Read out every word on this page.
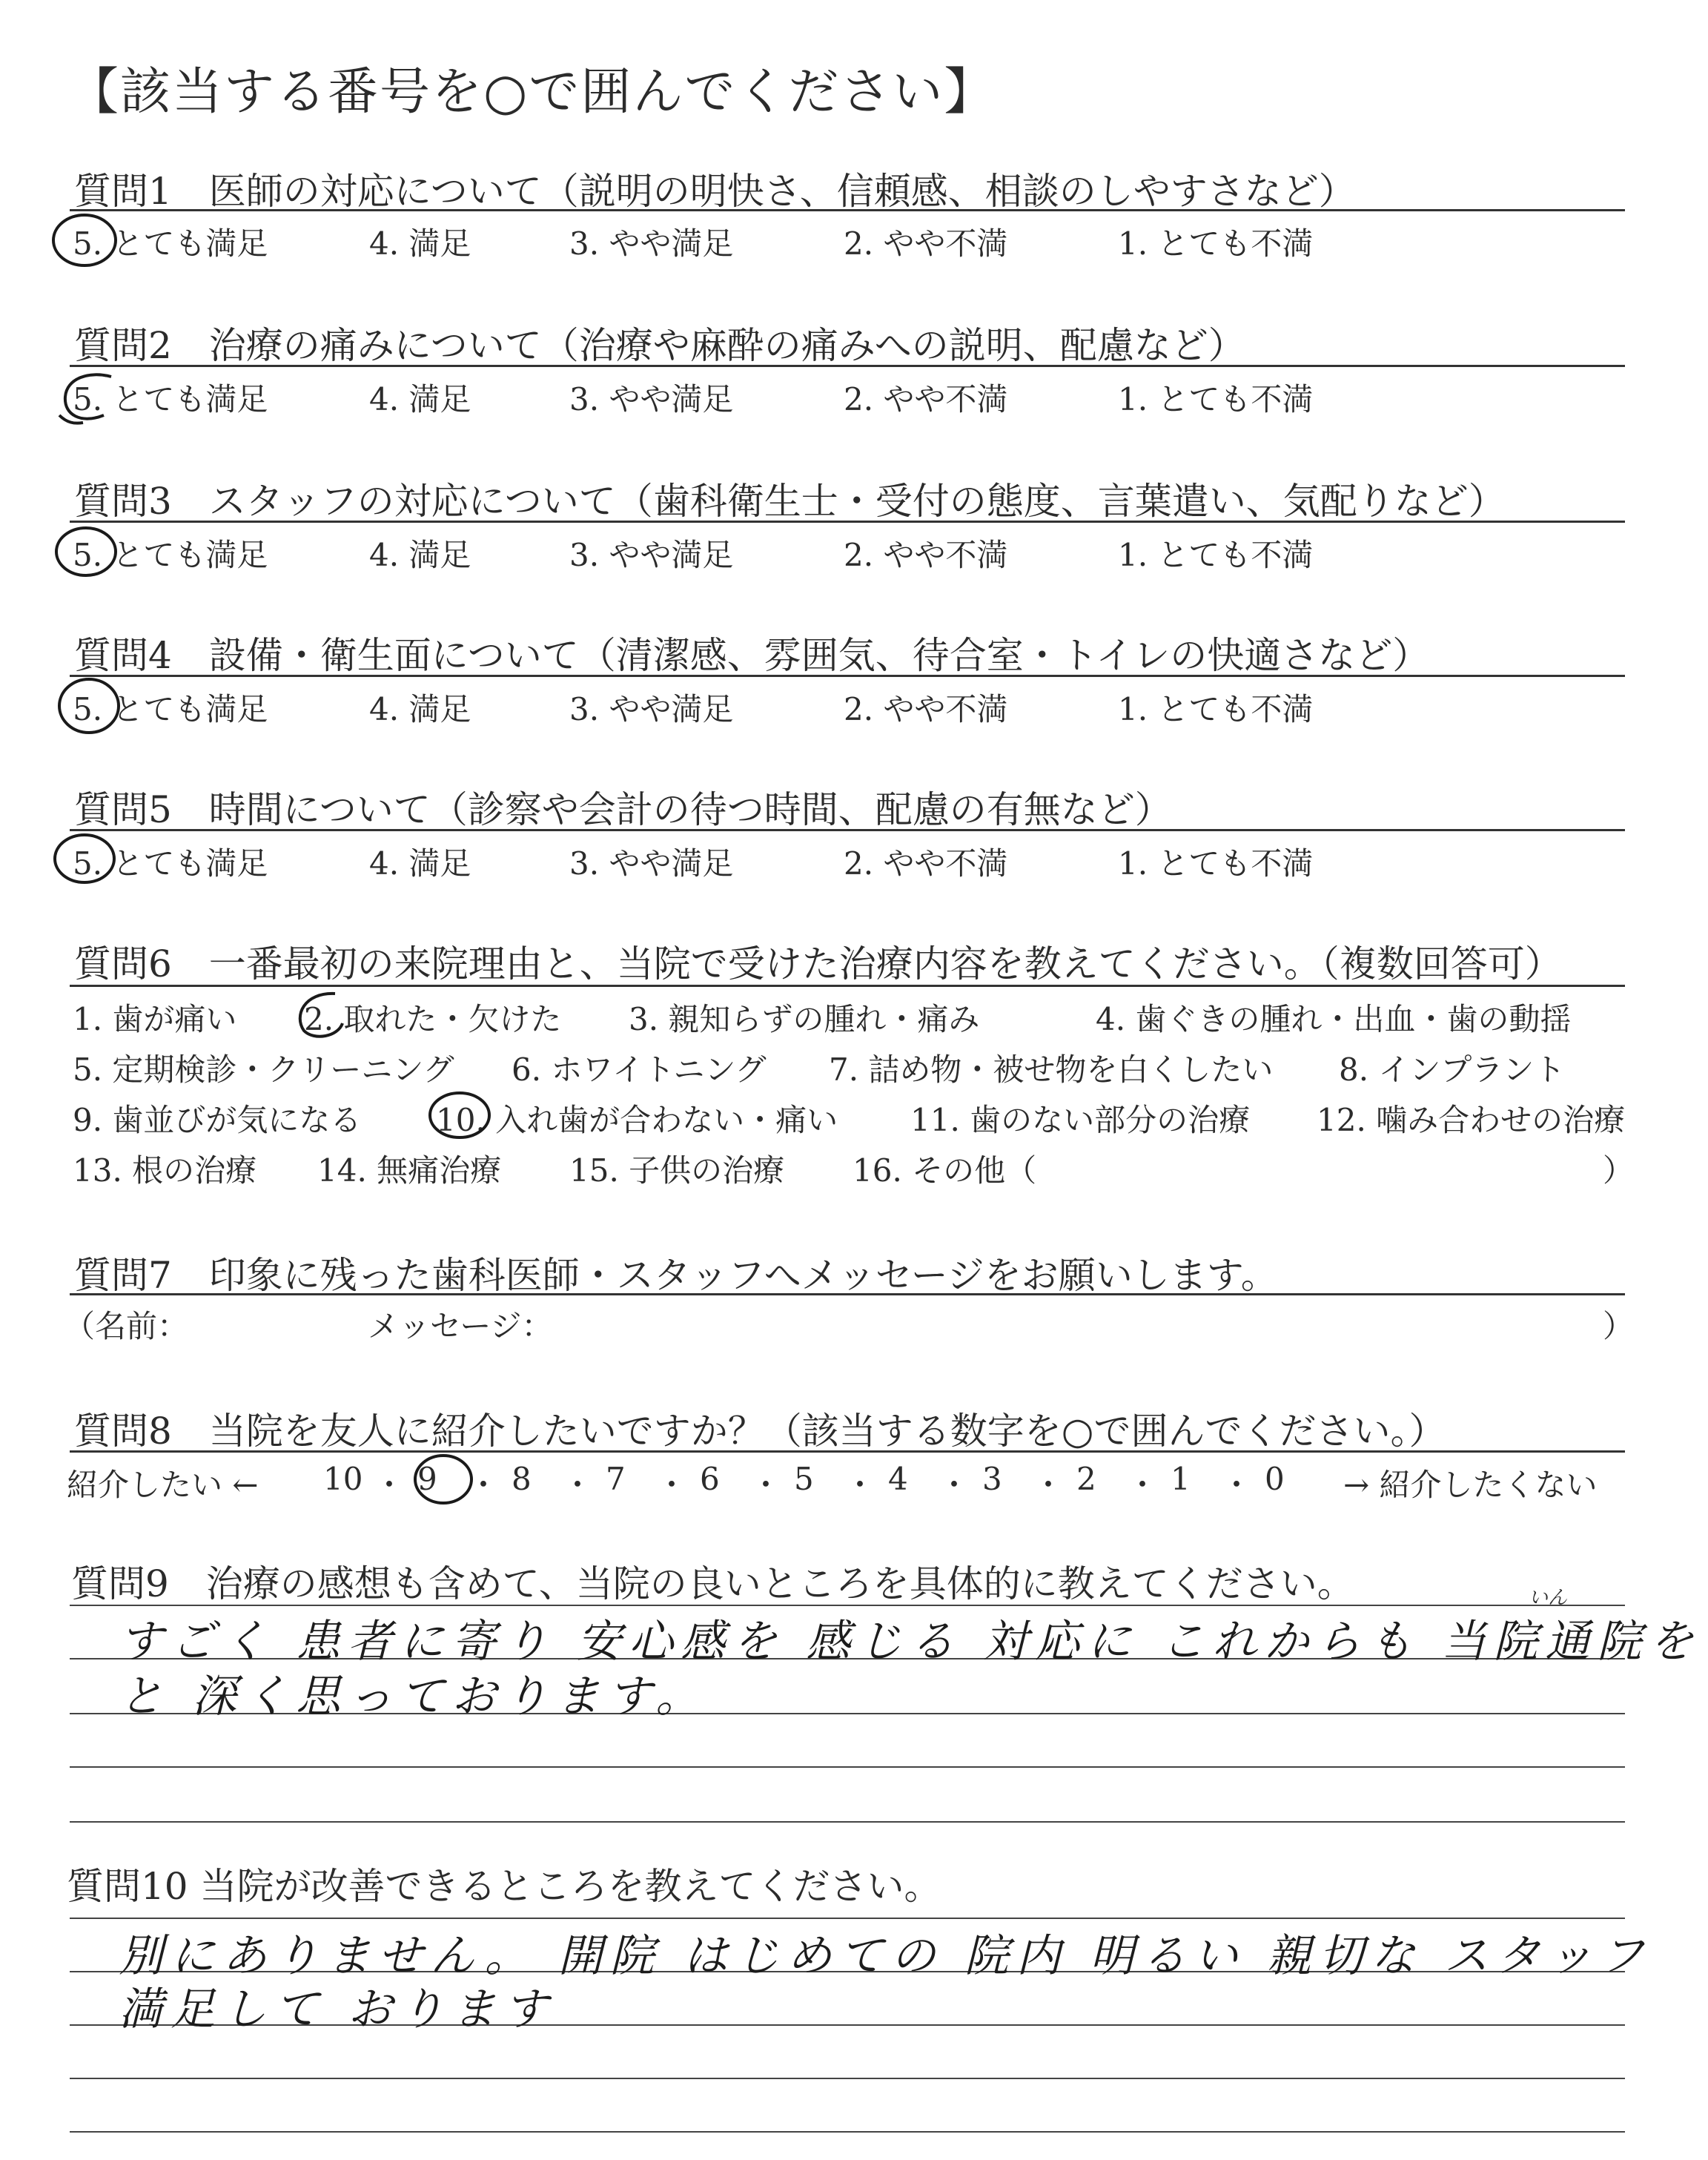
【該当する番号を○で囲んでください】
質問1　医師の対応について（説明の明快さ、信頼感、相談のしやすさなど）
5. とても満足	4. 満足	3. やや満足	2. やや不満	1. とても不満
質問2　治療の痛みについて（治療や麻酔の痛みへの説明、配慮など）
5. とても満足	4. 満足	3. やや満足	2. やや不満	1. とても不満
質問3　スタッフの対応について（歯科衛生士・受付の態度、言葉遣い、気配りなど）
5. とても満足	4. 満足	3. やや満足	2. やや不満	1. とても不満
質問4　設備・衛生面について（清潔感、雰囲気、待合室・トイレの快適さなど）
5. とても満足	4. 満足	3. やや満足	2. やや不満	1. とても不満
質問5　時間について（診察や会計の待つ時間、配慮の有無など）
5. とても満足	4. 満足	3. やや満足	2. やや不満	1. とても不満
質問6　一番最初の来院理由と、当院で受けた治療内容を教えてください。（複数回答可）
1. 歯が痛い 2. 取れた・欠けた 3. 親知らずの腫れ・痛み	4. 歯ぐきの腫れ・出血・歯の動揺
5. 定期検診・クリーニング 6. ホワイトニング 7. 詰め物・被せ物を白くしたい 8. インプラント
9. 歯並びが気になる 10. 入れ歯が合わない・痛い 11. 歯のない部分の治療 12. 噛み合わせの治療
13. 根の治療 14. 無痛治療 15. 子供の治療 16. その他（	）
質問7　印象に残った歯科医師・スタッフへメッセージをお願いします。
（名前：	メッセージ：	）
質問8　当院を友人に紹介したいですか？（該当する数字を○で囲んでください。）
紹介したい ← 10 ・ 9 ・ 8 ・ 7 ・ 6 ・ 5 ・ 4 ・ 3 ・ 2 ・ 1 ・ 0 → 紹介したくない
質問9　治療の感想も含めて、当院の良いところを具体的に教えてください。
すごく 患者に寄り 安心感を 感じる 対応に これからも 当院通院を
と 深く思っております。
いん
質問10 当院が改善できるところを教えてください。
別にありません。 開院 はじめての 院内 明るい 親切な スタッフ
満足して おります
